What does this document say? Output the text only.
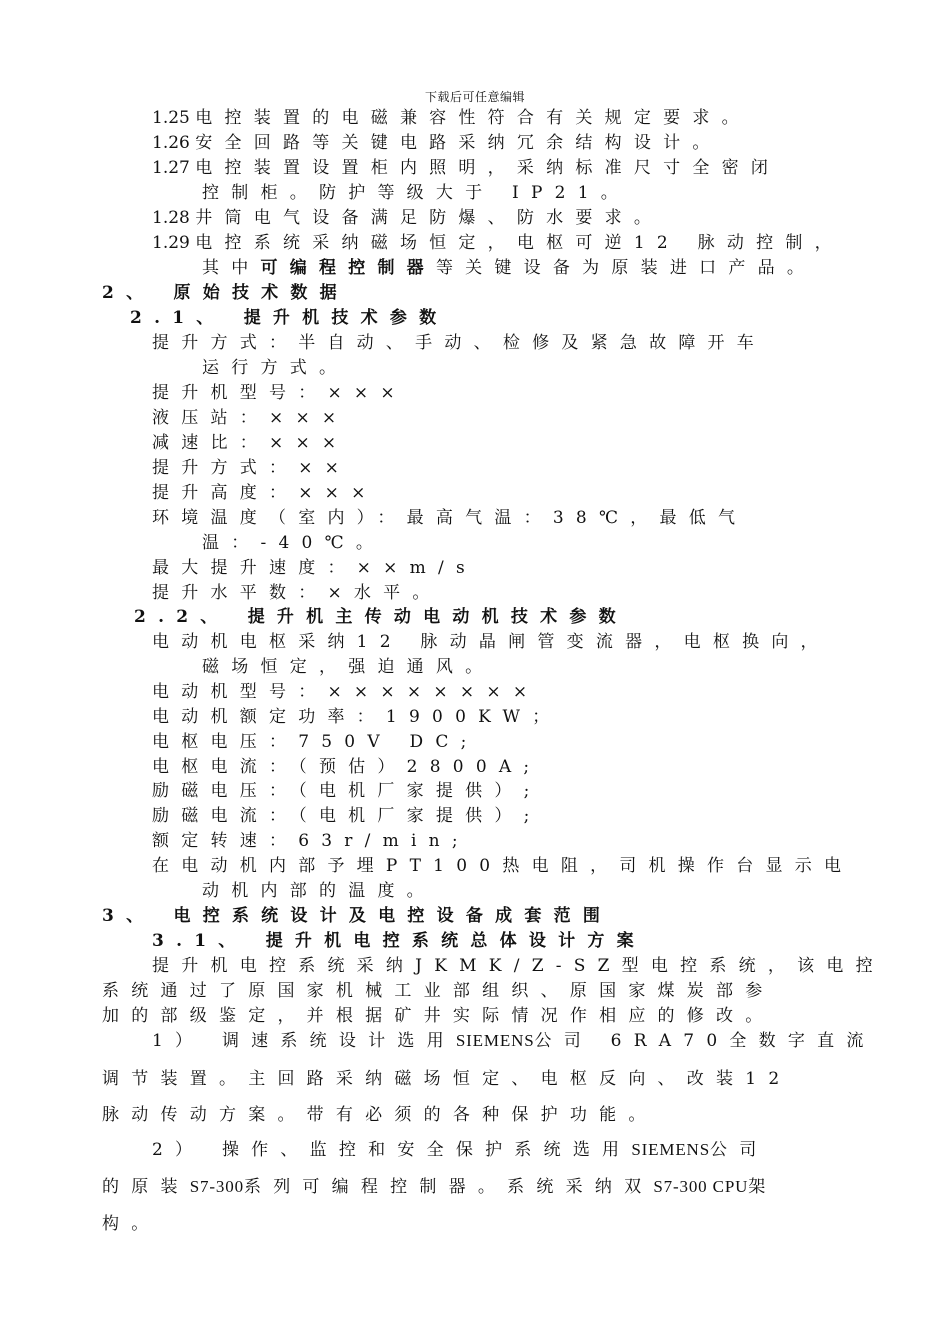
下载后可任意编辑
1.25 电控装置的电磁兼容性符合有关规定要求。
1.26 安全回路等关键电路采纳冗余结构设计。
1.27 电控装置设置柜内照明，采纳标准尺寸全密闭
控制柜。防护等级大于 IP21。
1.28 井筒电气设备满足防爆、防水要求。
1.29 电控系统采纳磁场恒定，电枢可逆12 脉动控制，
其中可编程控制器等关键设备为原装进口产品。
2、 原始技术数据
2.1、 提升机技术参数
提升方式：半自动、手动、检修及紧急故障开车
运行方式。
提升机型号：×××
液压站：×××
减速比：×××
提升方式：××
提升高度：×××
环境温度（室内）：最高气温：38℃，最低气
温：-40℃。
最大提升速度：××m/s
提升水平数：×水平。
2.2、 提升机主传动电动机技术参数
电动机电枢采纳12 脉动晶闸管变流器，电枢换向，
磁场恒定，强迫通风。
电动机型号：××××××××
电动机额定功率：1900KW；
电枢电压：750V DC;
电枢电流：（预估）2800A;
励磁电压：（电机厂家提供）;
励磁电流：（电机厂家提供）;
额定转速：63r/min;
在电动机内部予埋PT100热电阻，司机操作台显示电
动机内部的温度。
3、 电控系统设计及电控设备成套范围
3.1、 提升机电控系统总体设计方案
提升机电控系统采纳JKMK/Z-SZ型电控系统，该电控
系统通过了原国家机械工业部组织、原国家煤炭部参
加的部级鉴定，并根据矿井实际情况作相应的修改。
1） 调速系统设计选用SIEMENS公司 6RA70全数字直流
调节装置。主回路采纳磁场恒定、电枢反向、改装12
脉动传动方案。带有必须的各种保护功能。
2） 操作、监控和安全保护系统选用SIEMENS公司
的原装S7-300系列可编程控制器。系统采纳双S7-300 CPU架
构。
